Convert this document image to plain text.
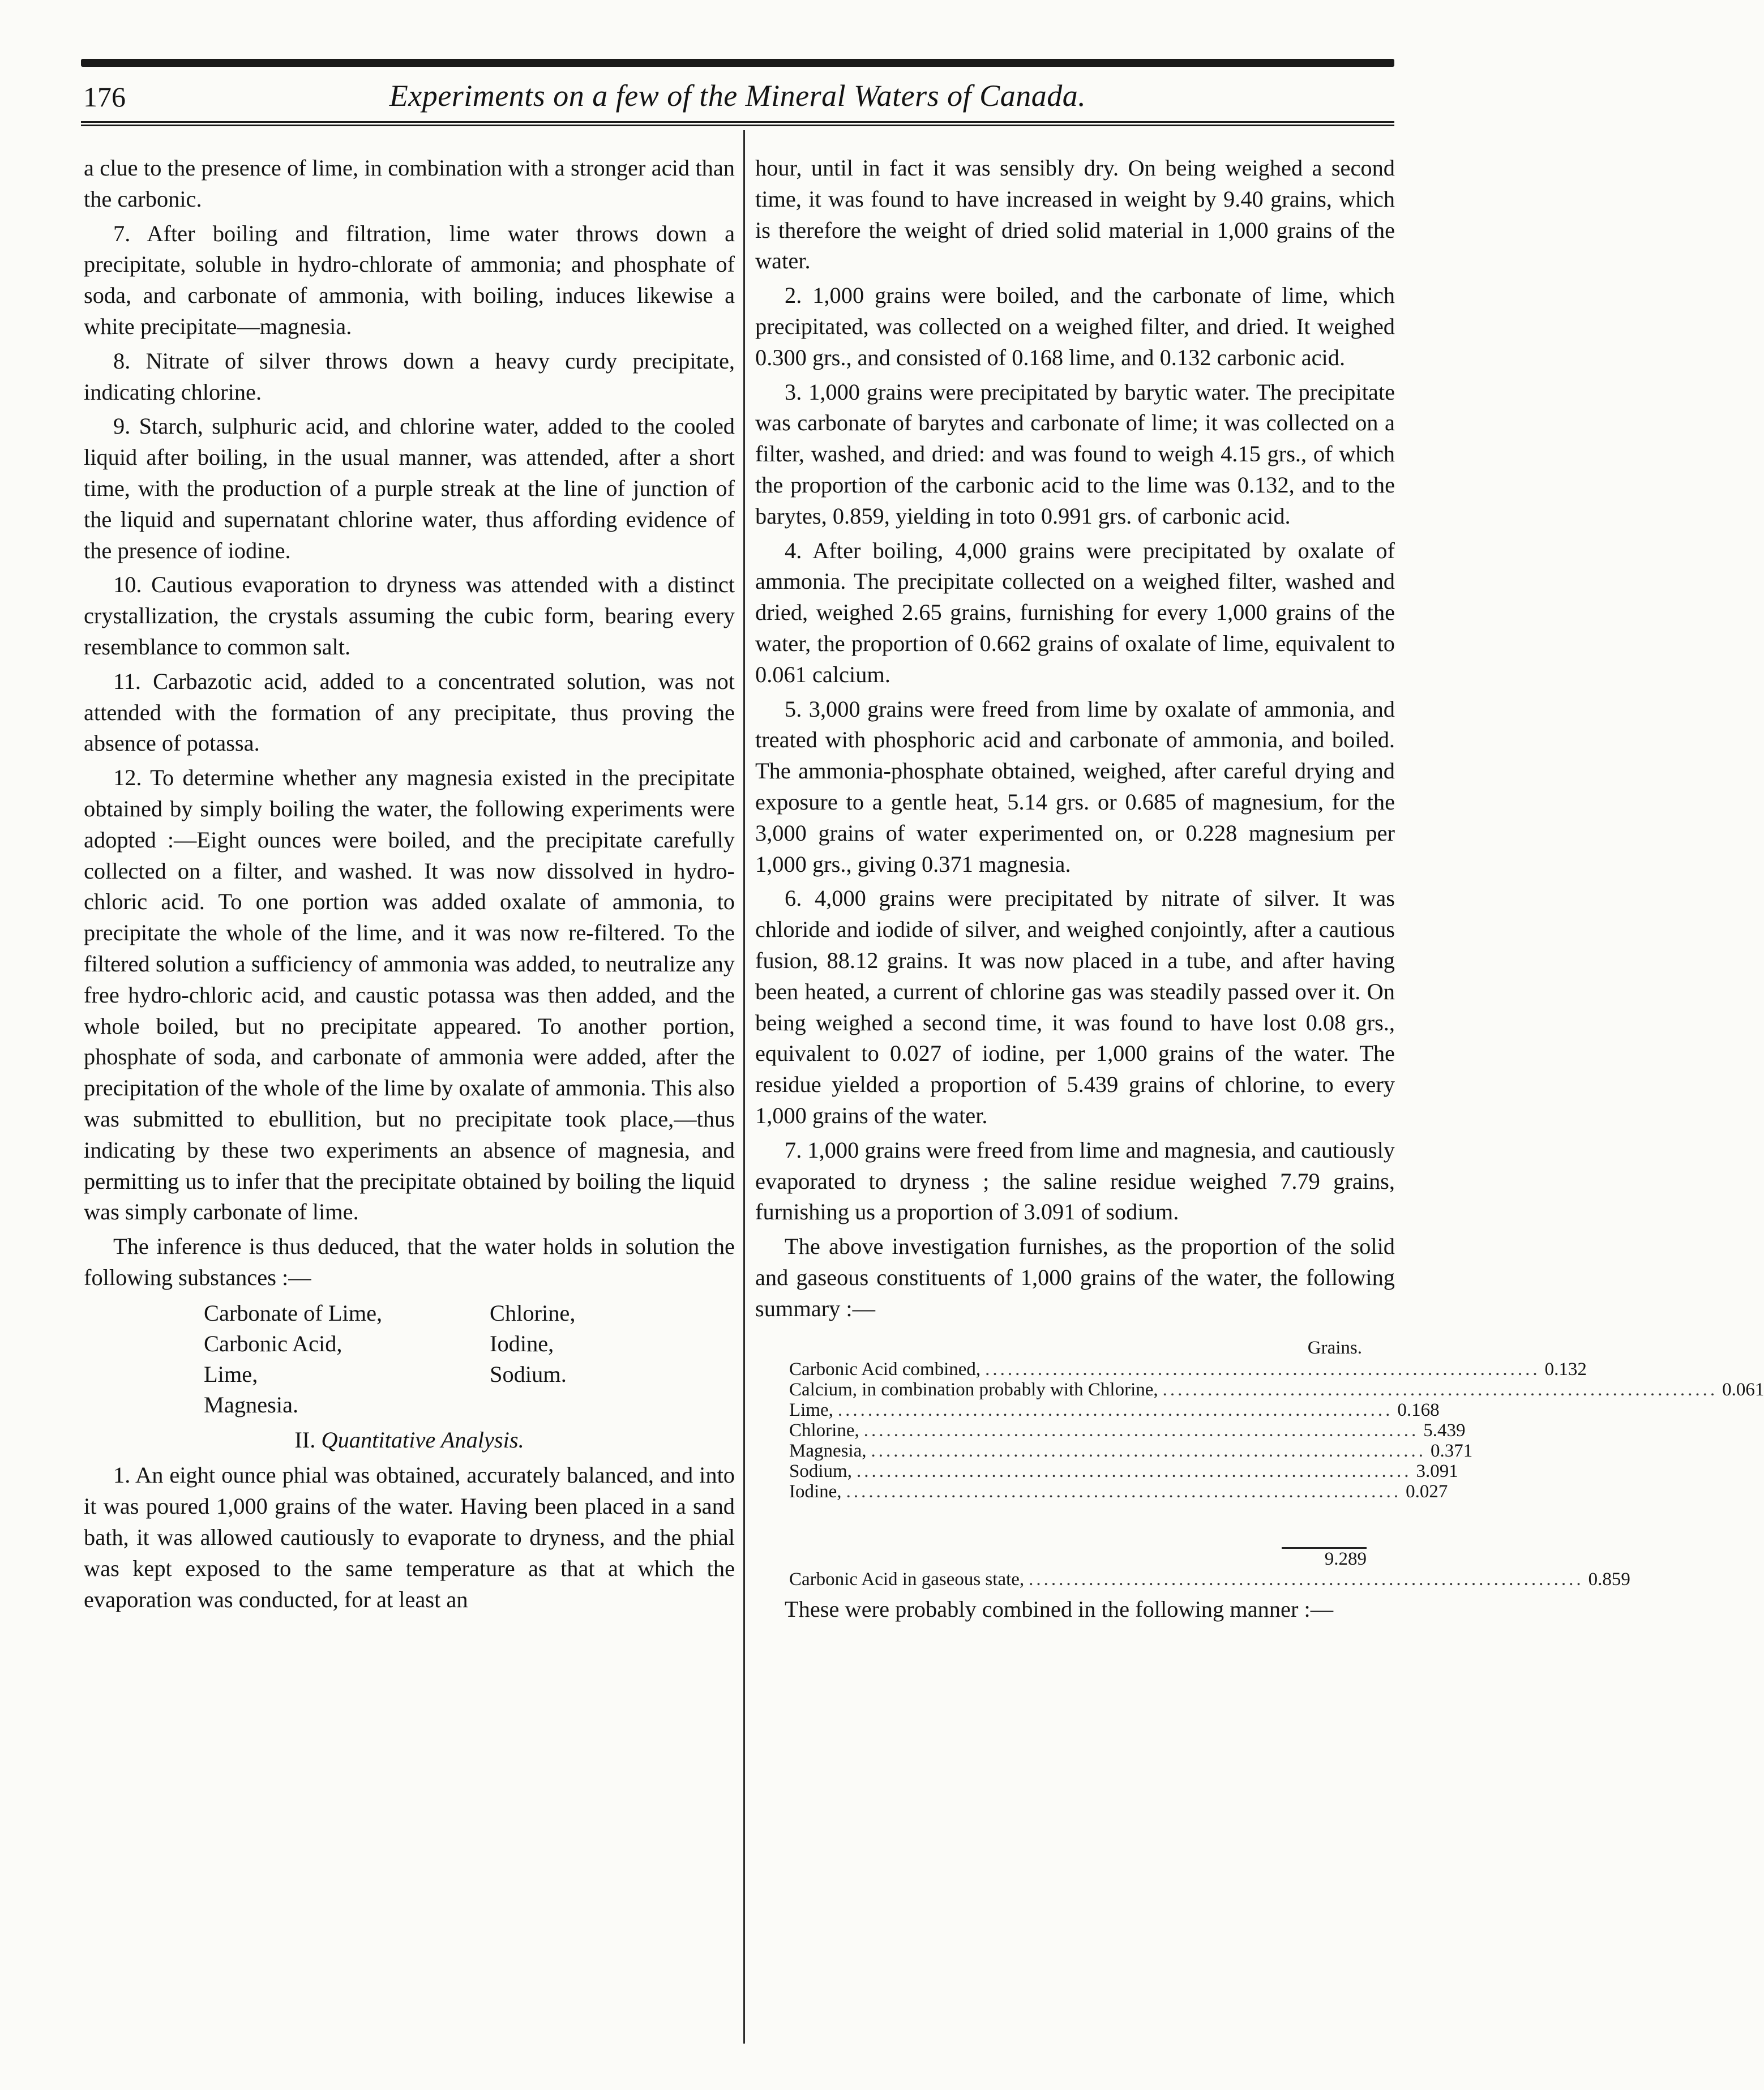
176	Experiments on a few of the Mineral Waters of Canada.

a clue to the presence of lime, in combination with a stronger acid than the carbonic.

7. After boiling and filtration, lime water throws down a precipitate, soluble in hydro-chlorate of ammonia; and phosphate of soda, and carbonate of ammonia, with boiling, induces likewise a white precipitate—magnesia.

8. Nitrate of silver throws down a heavy curdy precipitate, indicating chlorine.

9. Starch, sulphuric acid, and chlorine water, added to the cooled liquid after boiling, in the usual manner, was attended, after a short time, with the production of a purple streak at the line of junction of the liquid and supernatant chlorine water, thus affording evidence of the presence of iodine.

10. Cautious evaporation to dryness was attended with a distinct crystallization, the crystals assuming the cubic form, bearing every resemblance to common salt.

11. Carbazotic acid, added to a concentrated solution, was not attended with the formation of any precipitate, thus proving the absence of potassa.

12. To determine whether any magnesia existed in the precipitate obtained by simply boiling the water, the following experiments were adopted :—Eight ounces were boiled, and the precipitate carefully collected on a filter, and washed. It was now dissolved in hydro-chloric acid. To one portion was added oxalate of ammonia, to precipitate the whole of the lime, and it was now re-filtered. To the filtered solution a sufficiency of ammonia was added, to neutralize any free hydro-chloric acid, and caustic potassa was then added, and the whole boiled, but no precipitate appeared. To another portion, phosphate of soda, and carbonate of ammonia were added, after the precipitation of the whole of the lime by oxalate of ammonia. This also was submitted to ebullition, but no precipitate took place,—thus indicating by these two experiments an absence of magnesia, and permitting us to infer that the precipitate obtained by boiling the liquid was simply carbonate of lime.

The inference is thus deduced, that the water holds in solution the following substances :—

Carbonate of Lime,	Chlorine,
Carbonic Acid,	Iodine,
Lime,	Sodium.
Magnesia.
II. Quantitative Analysis.

1. An eight ounce phial was obtained, accurately balanced, and into it was poured 1,000 grains of the water. Having been placed in a sand bath, it was allowed cautiously to evaporate to dryness, and the phial was kept exposed to the same temperature as that at which the evaporation was conducted, for at least an

hour, until in fact it was sensibly dry. On being weighed a second time, it was found to have increased in weight by 9.40 grains, which is therefore the weight of dried solid material in 1,000 grains of the water.

2. 1,000 grains were boiled, and the carbonate of lime, which precipitated, was collected on a weighed filter, and dried. It weighed 0.300 grs., and consisted of 0.168 lime, and 0.132 carbonic acid.

3. 1,000 grains were precipitated by barytic water. The precipitate was carbonate of barytes and carbonate of lime; it was collected on a filter, washed, and dried: and was found to weigh 4.15 grs., of which the proportion of the carbonic acid to the lime was 0.132, and to the barytes, 0.859, yielding in toto 0.991 grs. of carbonic acid.

4. After boiling, 4,000 grains were precipitated by oxalate of ammonia. The precipitate collected on a weighed filter, washed and dried, weighed 2.65 grains, furnishing for every 1,000 grains of the water, the proportion of 0.662 grains of oxalate of lime, equivalent to 0.061 calcium.

5. 3,000 grains were freed from lime by oxalate of ammonia, and treated with phosphoric acid and carbonate of ammonia, and boiled. The ammonia-phosphate obtained, weighed, after careful drying and exposure to a gentle heat, 5.14 grs. or 0.685 of magnesium, for the 3,000 grains of water experimented on, or 0.228 magnesium per 1,000 grs., giving 0.371 magnesia.

6. 4,000 grains were precipitated by nitrate of silver. It was chloride and iodide of silver, and weighed conjointly, after a cautious fusion, 88.12 grains. It was now placed in a tube, and after having been heated, a current of chlorine gas was steadily passed over it. On being weighed a second time, it was found to have lost 0.08 grs., equivalent to 0.027 of iodine, per 1,000 grains of the water. The residue yielded a proportion of 5.439 grains of chlorine, to every 1,000 grains of the water.

7. 1,000 grains were freed from lime and magnesia, and cautiously evaporated to dryness ; the saline residue weighed 7.79 grains, furnishing us a proportion of 3.091 of sodium.

The above investigation furnishes, as the proportion of the solid and gaseous constituents of 1,000 grains of the water, the following summary :—

Grains.
Carbonic Acid combined, .......................................................................... 0.132
Calcium, in combination probably with Chlorine, .......................................................................... 0.061
Lime, .......................................................................... 0.168
Chlorine, .......................................................................... 5.439
Magnesia, .......................................................................... 0.371
Sodium, .......................................................................... 3.091
Iodine, .......................................................................... 0.027
9.289
Carbonic Acid in gaseous state, .......................................................................... 0.859

These were probably combined in the following manner :—
